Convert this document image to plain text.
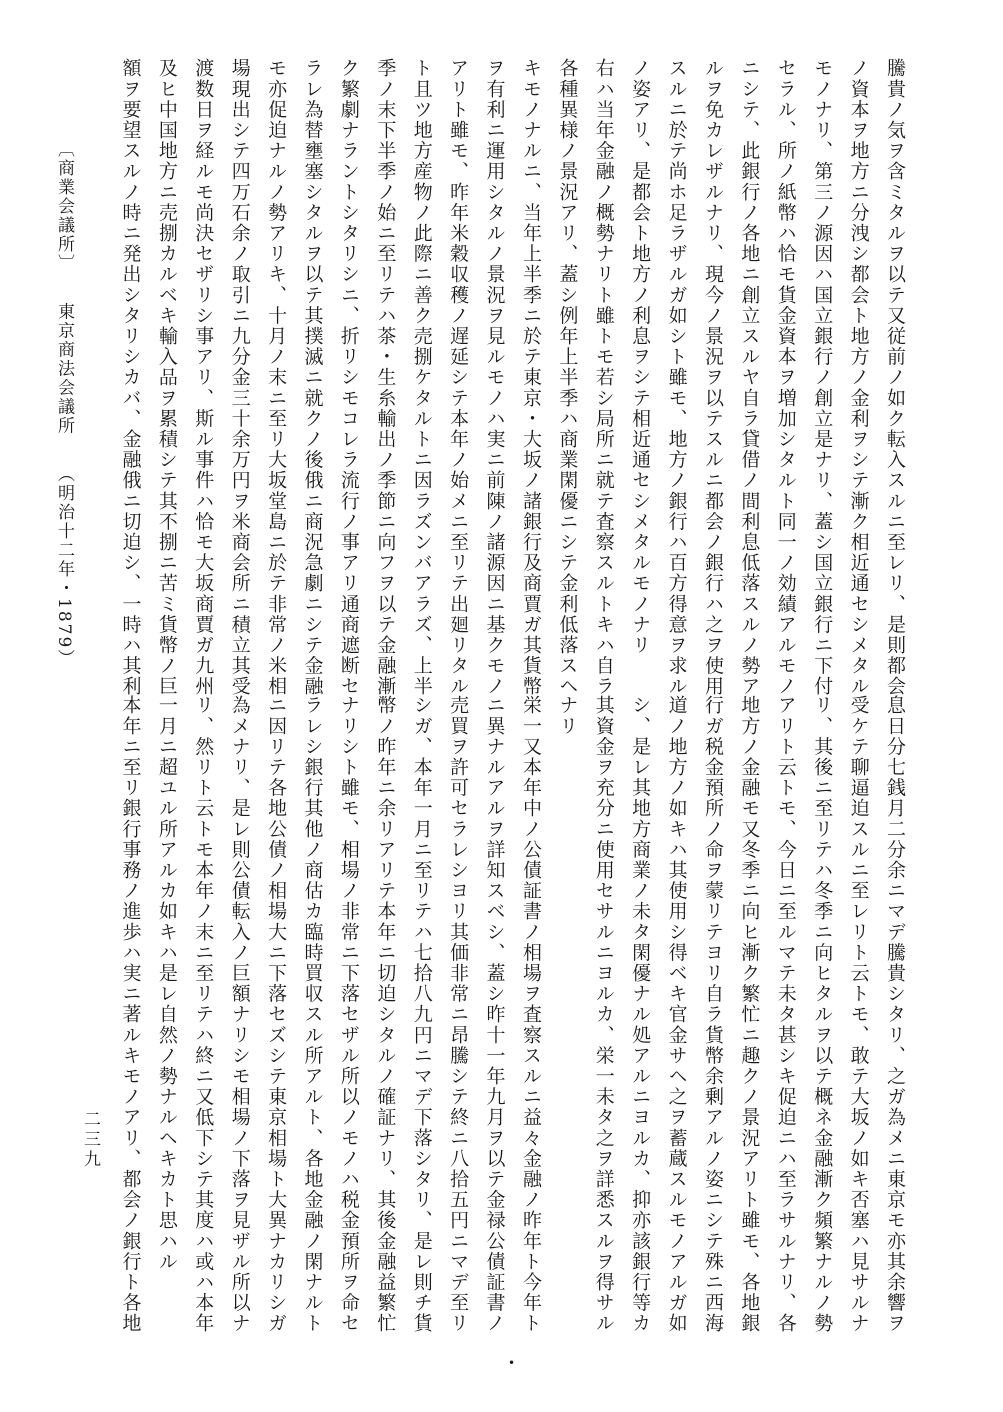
騰貴ノ気ヲ含ミタルヲ以テ又従前ノ如ク転入スルニ至レリ、是則都会
ノ資本ヲ地方ニ分洩シ都会ト地方ノ金利ヲシテ漸ク相近通セシメタル
モノナリ、第三ノ源因ハ国立銀行ノ創立是ナリ、蓋シ国立銀行ニ下付
セラル、所ノ紙幣ハ恰モ貨金資本ヲ増加シタルト同一ノ効績アルモノ
ニシテ、此銀行ノ各地ニ創立スルヤ自ラ貸借ノ間利息低落スルノ勢ア
ルヲ免カレザルナリ、現今ノ景況ヲ以テスルニ都会ノ銀行ハ之ヲ使用
スルニ於テ尚ホ足ラザルガ如シト雖モ、地方ノ銀行ハ百方得意ヲ求ル
ノ姿アリ、是都会ト地方ノ利息ヲシテ相近通セシメタルモノナリ
右ハ当年金融ノ概勢ナリト雖トモ若シ局所ニ就テ査察スルトキハ自ラ
各種異様ノ景況アリ、蓋シ例年上半季ハ商業閑優ニシテ金利低落スヘ
キモノナルニ、当年上半季ニ於テ東京・大坂ノ諸銀行及商賈ガ其貨幣
ヲ有利ニ運用シタルノ景況ヲ見ルモノハ実ニ前陳ノ諸源因ニ基クモノ
アリト雖モ、昨年米穀収穫ノ遅延シテ本年ノ始メニ至リテ出廻リタル
ト且ツ地方産物ノ此際ニ善ク売捌ケタルトニ因ラズンバアラズ、上半
季ノ末下半季ノ始ニ至リテハ茶・生糸輸出ノ季節ニ向フヲ以テ金融漸
ク繁劇ナラントシタリシニ、折リシモコレラ流行ノ事アリ通商遮断セ
ラレ為替壅塞シタルヲ以テ其撲滅ニ就クノ後俄ニ商況急劇ニシテ金融
モ亦促迫ナルノ勢アリキ、十月ノ末ニ至リ大坂堂島ニ於テ非常ノ米相
場現出シテ四万石余ノ取引ニ九分金三十余万円ヲ米商会所ニ積立其受
渡数日ヲ経ルモ尚決セザリシ事アリ、斯ル事件ハ恰モ大坂商賈ガ九州
及ヒ中国地方ニ売捌カルベキ輸入品ヲ累積シテ其不捌ニ苦ミ貨幣ノ巨
額ヲ要望スルノ時ニ発出シタリシカバ、金融俄ニ切迫シ、一時ハ其利
息日分七銭月二分余ニマデ騰貴シタリ、之ガ為メニ東京モ亦其余響ヲ
受ケテ聊逼迫スルニ至レリト云トモ、敢テ大坂ノ如キ否塞ハ見サルナ
リ、其後ニ至リテハ冬季ニ向ヒタルヲ以テ概ネ金融漸ク頻繁ナルノ勢
アリト云トモ、今日ニ至ルマテ未タ甚シキ促迫ニハ至ラサルナリ、各
地方ノ金融モ又冬季ニ向ヒ漸ク繁忙ニ趣クノ景況アリト雖モ、各地銀
行ガ税金預所ノ命ヲ蒙リテヨリ自ラ貨幣余剰アルノ姿ニシテ殊ニ西海
道ノ地方ノ如キハ其使用シ得ベキ官金サヘ之ヲ蓄蔵スルモノアルガ如
シ、是レ其地方商業ノ未タ閑優ナル処アルニヨルカ、抑亦該銀行等カ
其資金ヲ充分ニ使用セサルニヨルカ、栄一未タ之ヲ詳悉スルヲ得サル
ナリ
栄一又本年中ノ公債証書ノ相場ヲ査察スルニ益々金融ノ昨年ト今年ト
ニ異ナルアルヲ詳知スベシ、蓋シ昨十一年九月ヲ以テ金禄公債証書ノ
売買ヲ許可セラレシヨリ其価非常ニ昂騰シテ終ニ八拾五円ニマデ至リ
シガ、本年一月ニ至リテハ七拾八九円ニマデ下落シタリ、是レ則チ貨
幣ノ昨年ニ余リアリテ本年ニ切迫シタルノ確証ナリ、其後金融益繁忙
ナリシト雖モ、相場ノ非常ニ下落セザル所以ノモノハ税金預所ヲ命セ
ラレシ銀行其他ノ商估カ臨時買収スル所アルト、各地金融ノ閑ナルト
ニ因リテ各地公債ノ相場大ニ下落セズシテ東京相場ト大異ナカリシガ
為メナリ、是レ則公債転入ノ巨額ナリシモ相場ノ下落ヲ見ザル所以ナ
リ、然リト云トモ本年ノ末ニ至リテハ終ニ又低下シテ其度ハ或ハ本年
一月ニ超ユル所アルカ如キハ是レ自然ノ勢ナルヘキカト思ハル
本年ニ至リ銀行事務ノ進歩ハ実ニ著ルキモノアリ、都会ノ銀行ト各地
〔商業会議所〕　　東京商法会議所　　（明治十二年・1879）
二三九
•
